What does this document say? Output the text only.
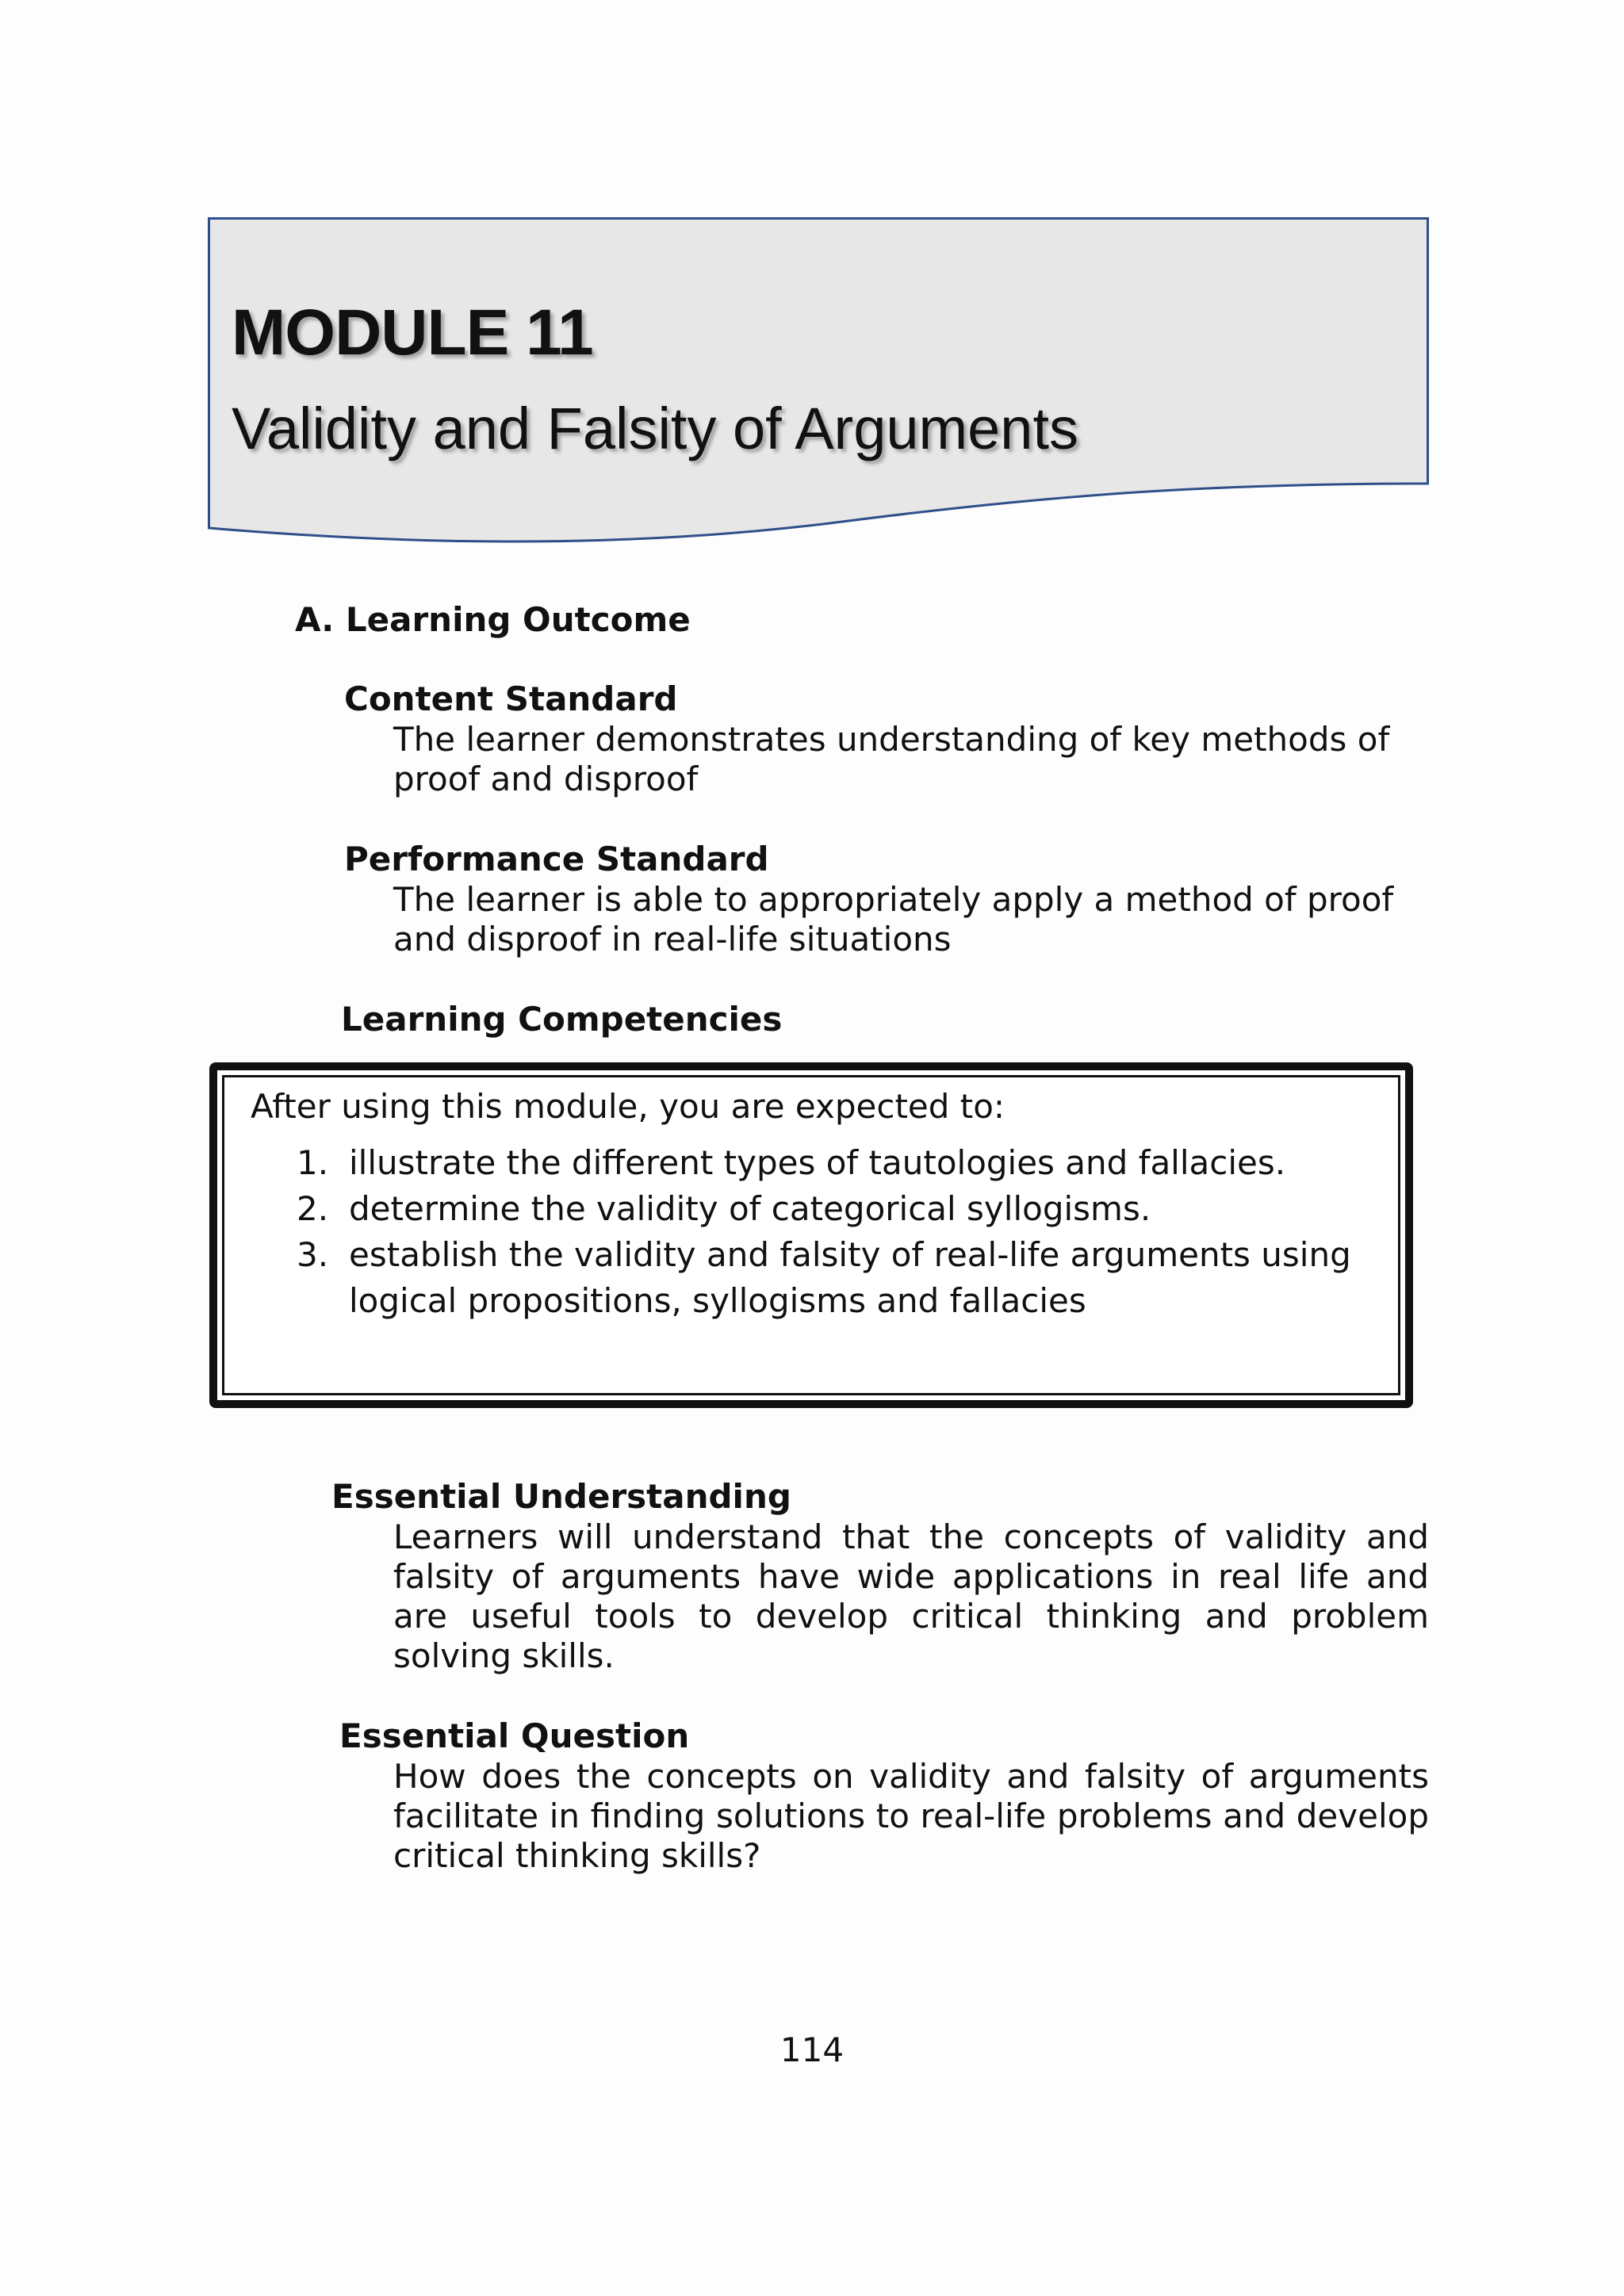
MODULE 11
Validity and Falsity of Arguments

A. Learning Outcome

Content Standard

The learner demonstrates understanding of key methods of proof and disproof

Performance Standard

The learner is able to appropriately apply a method of proof and disproof in real-life situations

Learning Competencies

After using this module, you are expected to:

1. illustrate the different types of tautologies and fallacies.
2. determine the validity of categorical syllogisms.
3. establish the validity and falsity of real-life arguments using logical propositions, syllogisms and fallacies

Essential Understanding

Learners will understand that the concepts of validity and falsity of arguments have wide applications in real life and are useful tools to develop critical thinking and problem solving skills.

Essential Question

How does the concepts on validity and falsity of arguments facilitate in finding solutions to real-life problems and develop critical thinking skills?

114
